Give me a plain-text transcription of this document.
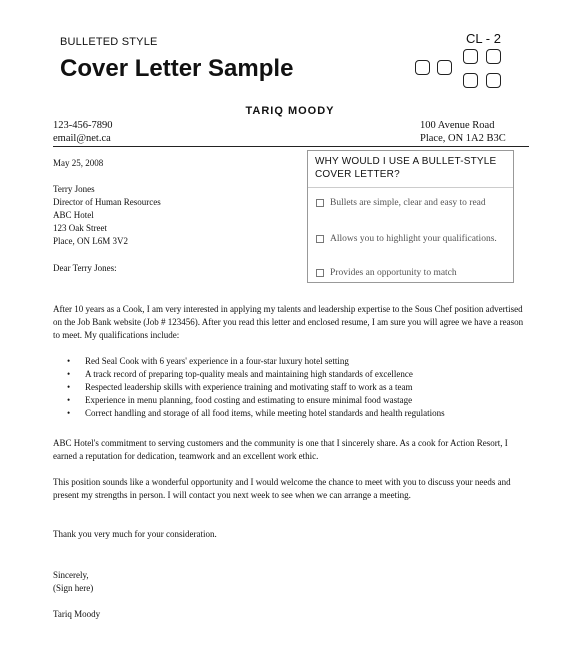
BULLETED STYLE
Cover Letter Sample
CL - 2
TARIQ MOODY
123-456-7890
email@net.ca
100 Avenue Road
Place, ON 1A2 B3C
WHY WOULD I USE A BULLET-STYLE COVER LETTER?
Bullets are simple, clear and easy to read
Allows you to highlight your qualifications.
Provides an opportunity to match
May 25, 2008
Terry Jones
Director of Human Resources
ABC Hotel
123 Oak Street
Place, ON L6M 3V2
Dear Terry Jones:

After 10 years as a Cook, I am very interested in applying my talents and leadership expertise to the Sous Chef position advertised on the Job Bank website (Job # 123456). After you read this letter and enclosed resume, I am sure you will agree we have a reason to meet. My qualifications include:

• Red Seal Cook with 6 years' experience in a four-star luxury hotel setting
• A track record of preparing top-quality meals and maintaining high standards of excellence
• Respected leadership skills with experience training and motivating staff to work as a team
• Experience in menu planning, food costing and estimating to ensure minimal food wastage
• Correct handling and storage of all food items, while meeting hotel standards and health regulations

ABC Hotel's commitment to serving customers and the community is one that I sincerely share. As a cook for Action Resort, I earned a reputation for dedication, teamwork and an excellent work ethic.

This position sounds like a wonderful opportunity and I would welcome the chance to meet with you to discuss your needs and present my strengths in person. I will contact you next week to see when we can arrange a meeting.

Thank you very much for your consideration.

Sincerely,
(Sign here)
Tariq Moody
